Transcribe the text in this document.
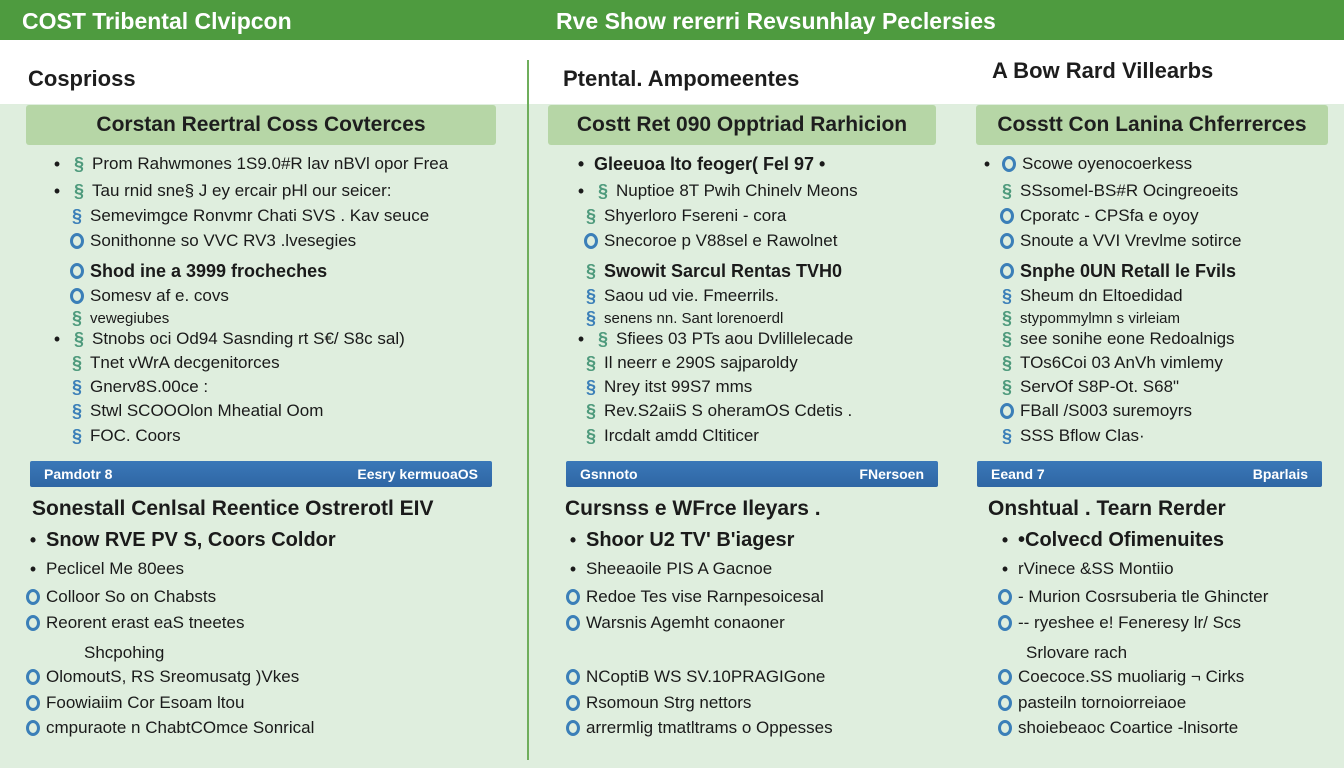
COST Tribental Clvipcon	Rve Show rererri Revsunhlay Peclersies
Cosprioss	Ptental. Ampomeentes	A Bow Rard Villearbs
Corstan Reertral Coss Covterces	Costt Ret 090 Opptriad Rarhicion	Cosstt Con Lanina Chferrerces
• § Prom Rahwmones 1S9.0#R lav nBVl opor Frea
• § Tau rnid sne§ J ey ercair pHl our seicer:
§ Semevimgce Ronvmr Chati SVS . Kav seuce
Sonithonne so VVC RV3 .lvesegies
Shod ine a 3999 frocheches
Somesv af e. covs
§ vewegiubes
• § Stnobs oci Od94 Sasnding rt S€/ S8c sal)
§ Tnet vWrA decgenitorces
§ Gnerv8S.00ce :
§ Stwl SCOOOlon Mheatial Oom
§ FOC. Coors
• Gleeuoa lto feoger( Fel 97 •
• § Nuptioe 8T Pwih Chinelv Meons
§ Shyerloro Fsereni - cora
Snecoroe p V88sel e Rawolnet
§ Swowit Sarcul Rentas TVH0
§ Saou ud vie. Fmeerrils.
§ senens nn. Sant lorenoerdl
• § Sfiees 03 PTs aou Dvlillelecade
§ Il neerr e 290S sajparoldy
§ Nrey itst 99S7 mms
§ Rev.S2aiiS S oheramOS Cdetis .
§ Ircdalt amdd Cltiticer
•	Scowe oyenocoerkess
§ SSsomel-BS#R Ocingreoeits
Cporatc - CPSfa e oyoy
Snoute a VVI Vrevlme sotirce
Snphe 0UN Retall le Fvils
§ Sheum dn Eltoedidad
§ stypommylmn s virleiam
§ see sonihe eone Redoalnigs
§ TOs6Coi 03 AnVh vimlemy
§ ServOf S8P-Ot. S68"
FBall /S003 suremoyrs
§ SSS Bflow Clas·
Pamdotr 8	Eesry kermuoaOS	Gsnnoto	FNersoen	Eeand 7	Bparlais
Sonestall Cenlsal Reentice Ostrerotl EIV	Cursnss e WFrce Ileyars .	Onshtual . Tearn Rerder
• Snow RVE PV S, Coors Coldor
• Peclicel Me 80ees
Colloor So on Chabsts
Reorent erast eaS tneetes
Shcpohing
OlomoutS, RS Sreomusatg )Vkes
Foowiaiim Cor Esoam ltou
cmpuraote n ChabtCOmce Sonrical
• Shoor U2 TV' B'iagesr
• Sheeaoile PIS A Gacnoe
Redoe Tes vise Rarnpesoicesal
Warsnis Agemht conaoner
NCoptiB WS SV.10PRAGIGone
Rsomoun Strg nettors
arrermlig tmatltrams o Oppesses
• •Colvecd Ofimenuites
• rVinece &SS Montiio
- Murion Cosrsuberia tle Ghincter
-- ryeshee e! Feneresy lr/ Scs
Srlovare rach
Coecoce.SS muoliarig ¬ Cirks
pasteiln tornoiorreiaoe
shoiebeaoc Coartice -lnisorte
